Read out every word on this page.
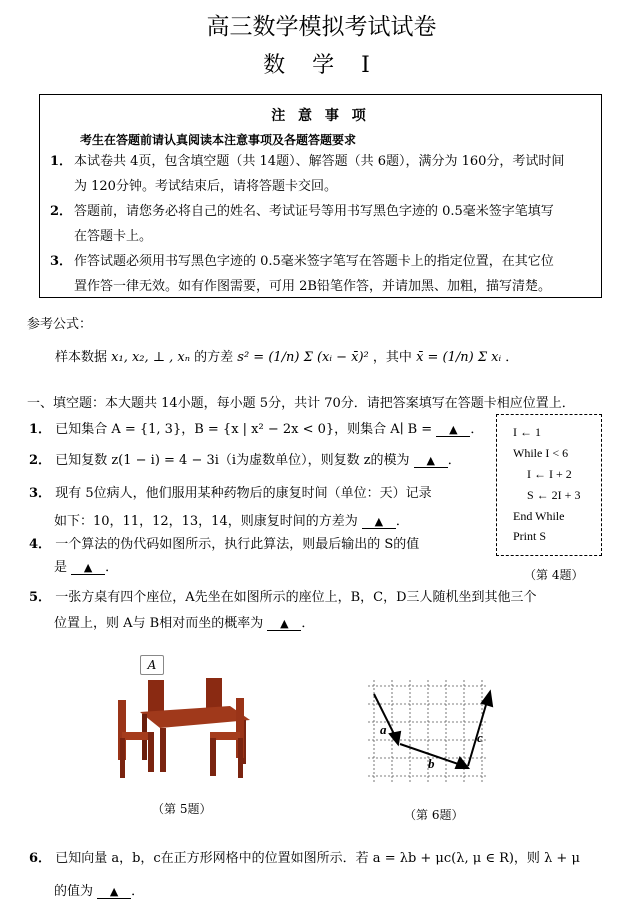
高三数学模拟考试试卷
数 学 I
注 意 事 项
考生在答题前请认真阅读本注意事项及各题答题要求
1． 本试卷共 4页，包含填空题（共 14题）、解答题（共 6题），满分为 160分，考试时间
为 120分钟。考试结束后，请将答题卡交回。
2． 答题前，请您务必将自己的姓名、考试证号等用书写黑色字迹的 0.5毫米签字笔填写
在答题卡上。
3． 作答试题必须用书写黑色字迹的 0.5毫米签字笔写在答题卡上的指定位置，在其它位
置作答一律无效。如有作图需要，可用 2B铅笔作答，并请加黑、加粗，描写清楚。
参考公式：
样本数据 x₁, x₂, ⊥ , xₙ 的方差 s² = (1/n) Σ (xᵢ − x̄)² ，其中 x̄ = (1/n) Σ xᵢ ．
一、填空题：本大题共 14小题，每小题 5分，共计 70分．请把答案填写在答题卡相应位置上．
1． 已知集合 A = {1, 3}，B = {x | x² − 2x < 0}，则集合 A∣ B = ▲ ．
2． 已知复数 z(1 − i) = 4 − 3i（i为虚数单位），则复数 z的模为 ▲ ．
3． 现有 5位病人，他们服用某种药物后的康复时间（单位：天）记录
如下：10，11，12，13，14，则康复时间的方差为 ▲ ．
4． 一个算法的伪代码如图所示，执行此算法，则最后输出的 S的值
是 ▲ ．
I ← 1
While I < 6
I ← I + 2
S ← 2I + 3
End While
Print S
（第 4题）
5． 一张方桌有四个座位，A先坐在如图所示的座位上，B，C，D三人随机坐到其他三个
位置上，则 A与 B相对而坐的概率为 ▲ ．
A
（第 5题）
a
b
c
（第 6题）
6． 已知向量 a，b，c在正方形网格中的位置如图所示．若 a = λb + μc(λ, μ ∈ R)，则 λ + μ
的值为 ▲ ．
